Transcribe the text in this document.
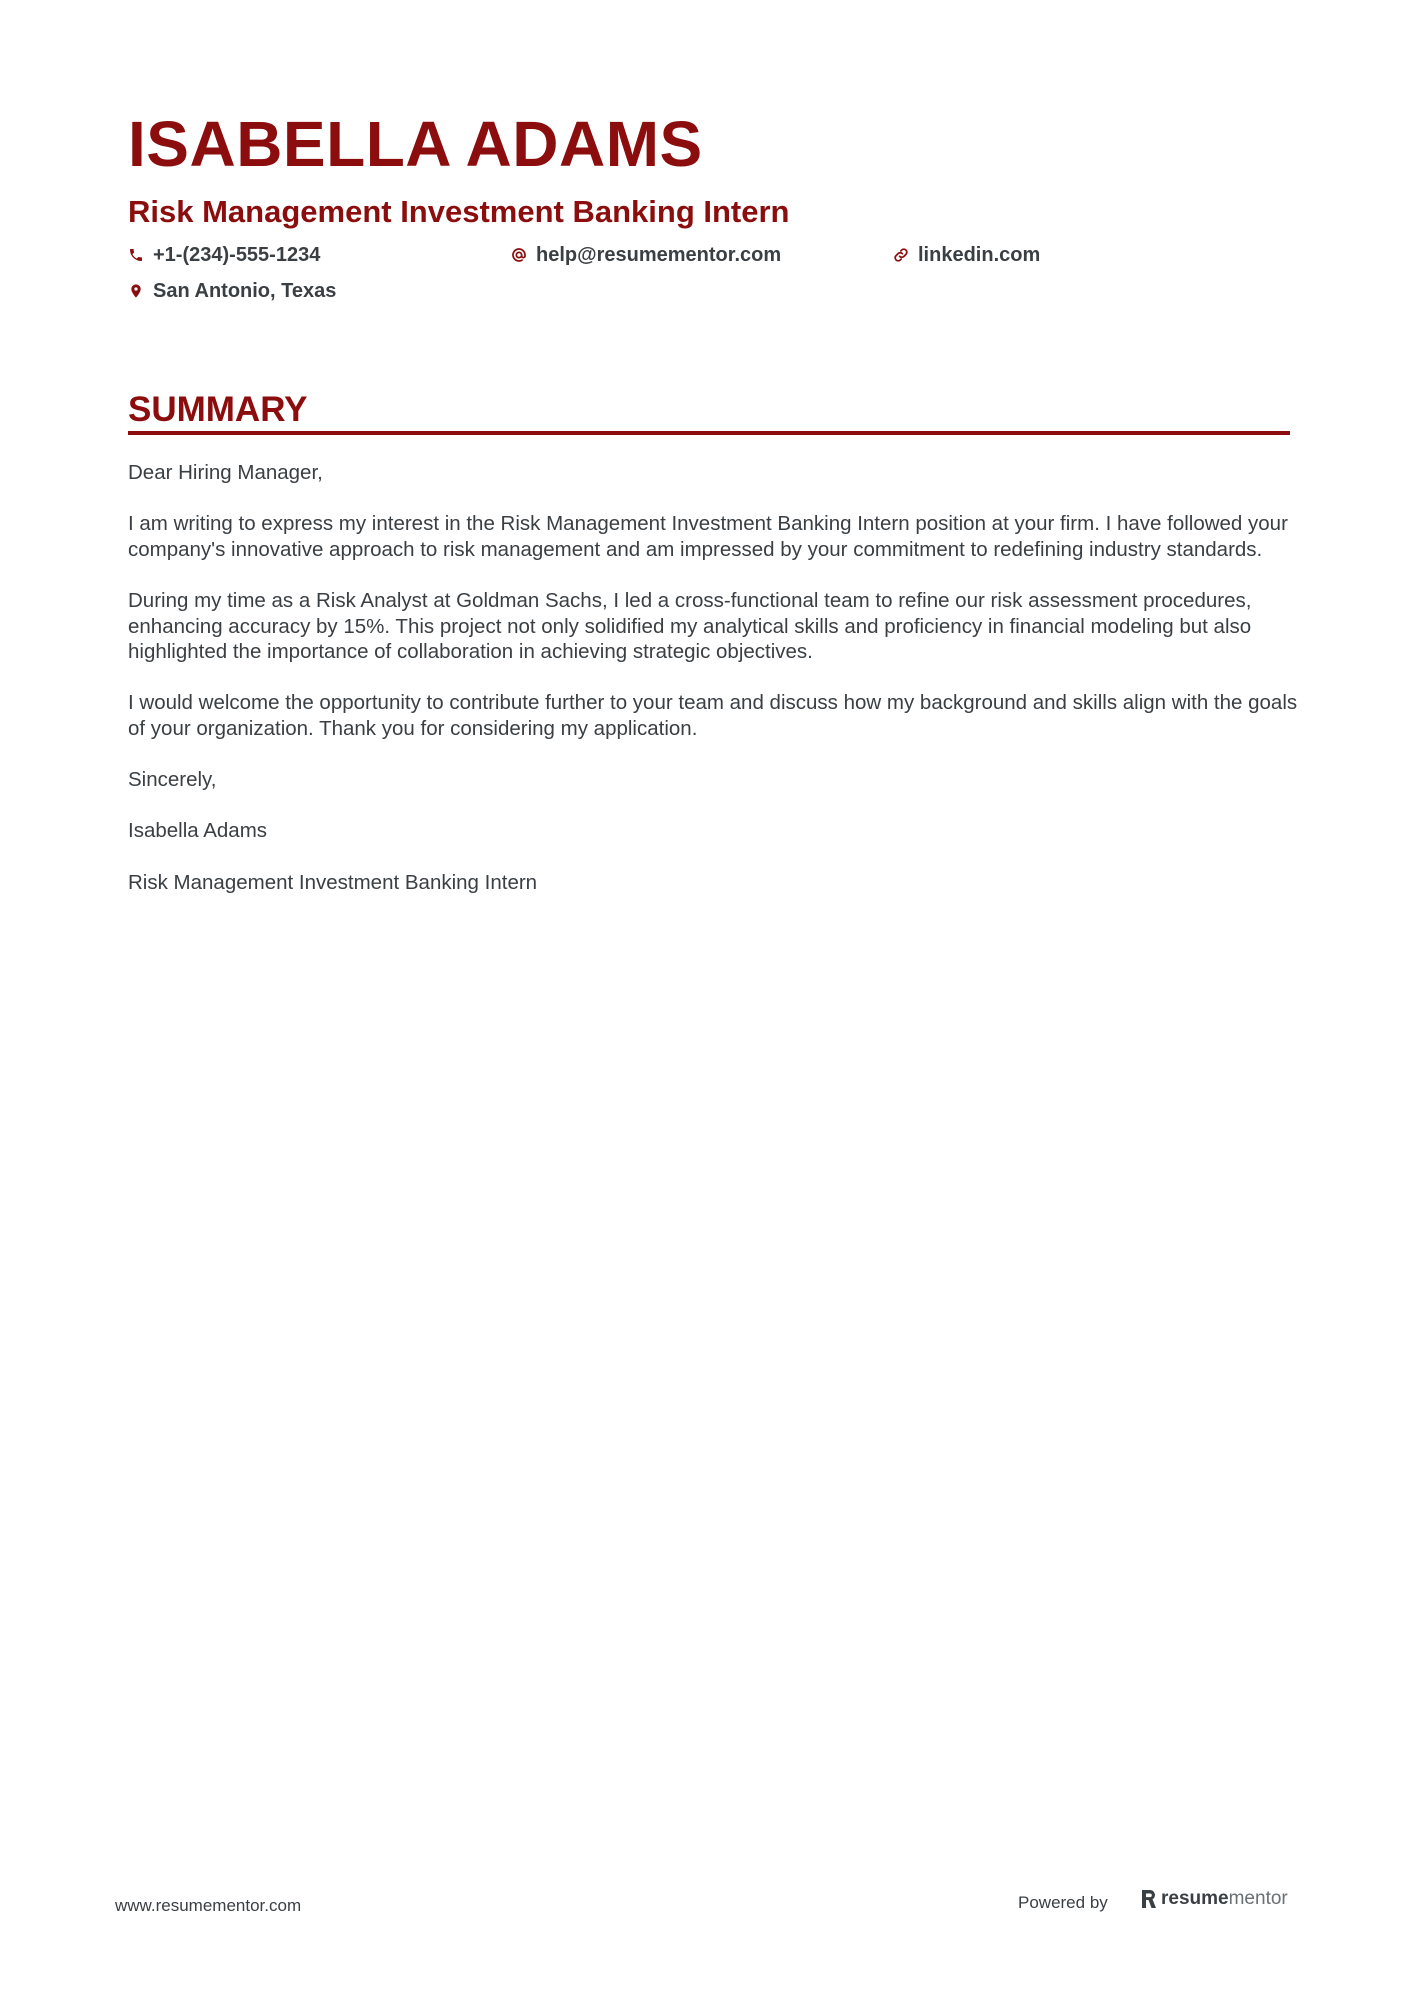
ISABELLA ADAMS
Risk Management Investment Banking Intern
+1-(234)-555-1234	help@resumementor.com	linkedin.com
San Antonio, Texas
SUMMARY

Dear Hiring Manager,

I am writing to express my interest in the Risk Management Investment Banking Intern position at your firm. I have followed your company's innovative approach to risk management and am impressed by your commitment to redefining industry standards.

During my time as a Risk Analyst at Goldman Sachs, I led a cross-functional team to refine our risk assessment procedures, enhancing accuracy by 15%. This project not only solidified my analytical skills and proficiency in financial modeling but also highlighted the importance of collaboration in achieving strategic objectives.

I would welcome the opportunity to contribute further to your team and discuss how my background and skills align with the goals of your organization. Thank you for considering my application.

Sincerely,

Isabella Adams

Risk Management Investment Banking Intern

www.resumementor.com	Powered by	resume mentor
